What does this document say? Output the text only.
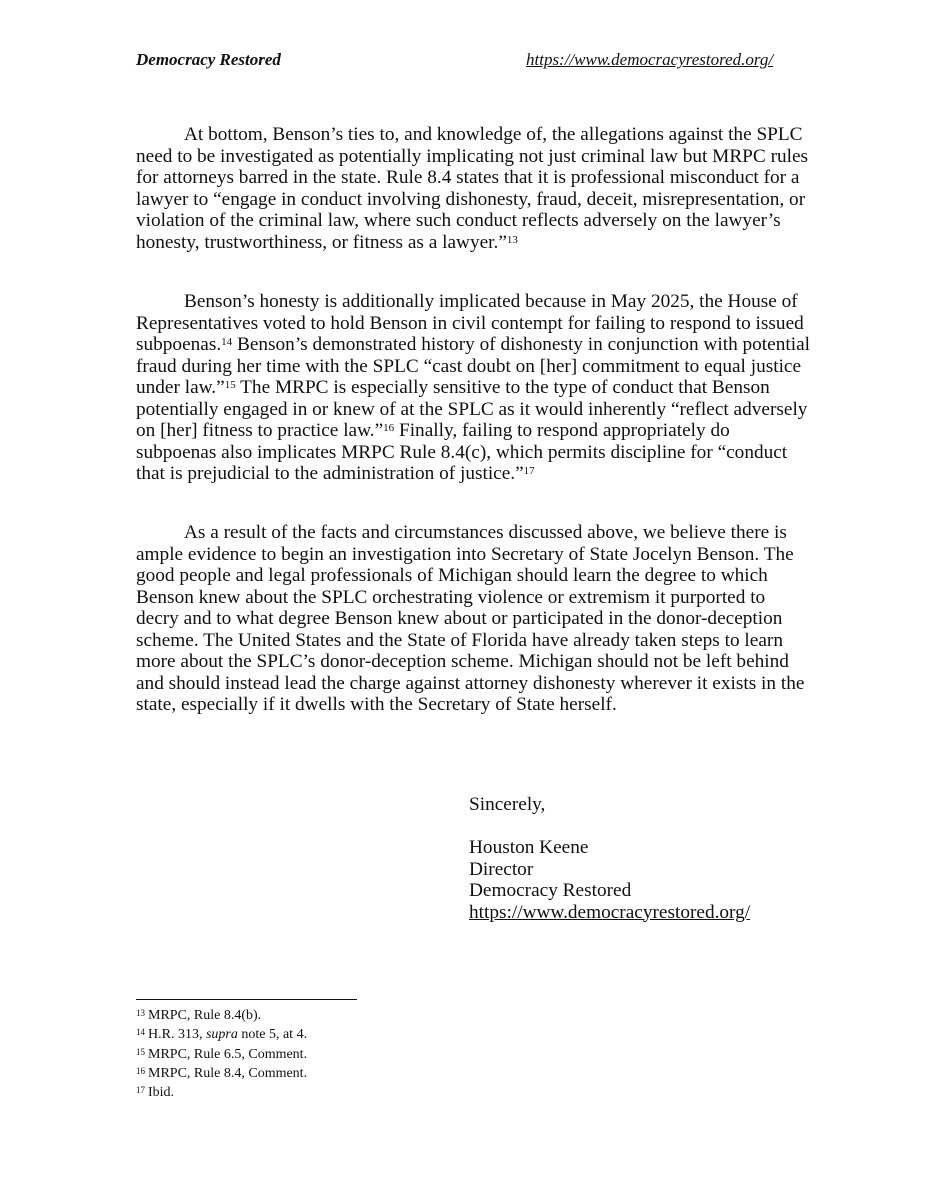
Democracy Restored	https://www.democracyrestored.org/

At bottom, Benson’s ties to, and knowledge of, the allegations against the SPLC need to be investigated as potentially implicating not just criminal law but MRPC rules for attorneys barred in the state. Rule 8.4 states that it is professional misconduct for a lawyer to “engage in conduct involving dishonesty, fraud, deceit, misrepresentation, or violation of the criminal law, where such conduct reflects adversely on the lawyer’s honesty, trustworthiness, or fitness as a lawyer.”$^{13}$

Benson’s honesty is additionally implicated because in May 2025, the House of Representatives voted to hold Benson in civil contempt for failing to respond to issued subpoenas.$^{14}$ Benson’s demonstrated history of dishonesty in conjunction with potential fraud during her time with the SPLC “cast doubt on [her] commitment to equal justice under law.”$^{15}$ The MRPC is especially sensitive to the type of conduct that Benson potentially engaged in or knew of at the SPLC as it would inherently “reflect adversely on [her] fitness to practice law.”$^{16}$ Finally, failing to respond appropriately do subpoenas also implicates MRPC Rule 8.4(c), which permits discipline for “conduct that is prejudicial to the administration of justice.”$^{17}$

As a result of the facts and circumstances discussed above, we believe there is ample evidence to begin an investigation into Secretary of State Jocelyn Benson. The good people and legal professionals of Michigan should learn the degree to which Benson knew about the SPLC orchestrating violence or extremism it purported to decry and to what degree Benson knew about or participated in the donor-deception scheme. The United States and the State of Florida have already taken steps to learn more about the SPLC’s donor-deception scheme. Michigan should not be left behind and should instead lead the charge against attorney dishonesty wherever it exists in the state, especially if it dwells with the Secretary of State herself.

Sincerely,
Houston Keene
Director
Democracy Restored
https://www.democracyrestored.org/
$^{13}$ MRPC, Rule 8.4(b).
$^{14}$ H.R. 313, supra note 5, at 4.
$^{15}$ MRPC, Rule 6.5, Comment.
$^{16}$ MRPC, Rule 8.4, Comment.
$^{17}$ Ibid.
